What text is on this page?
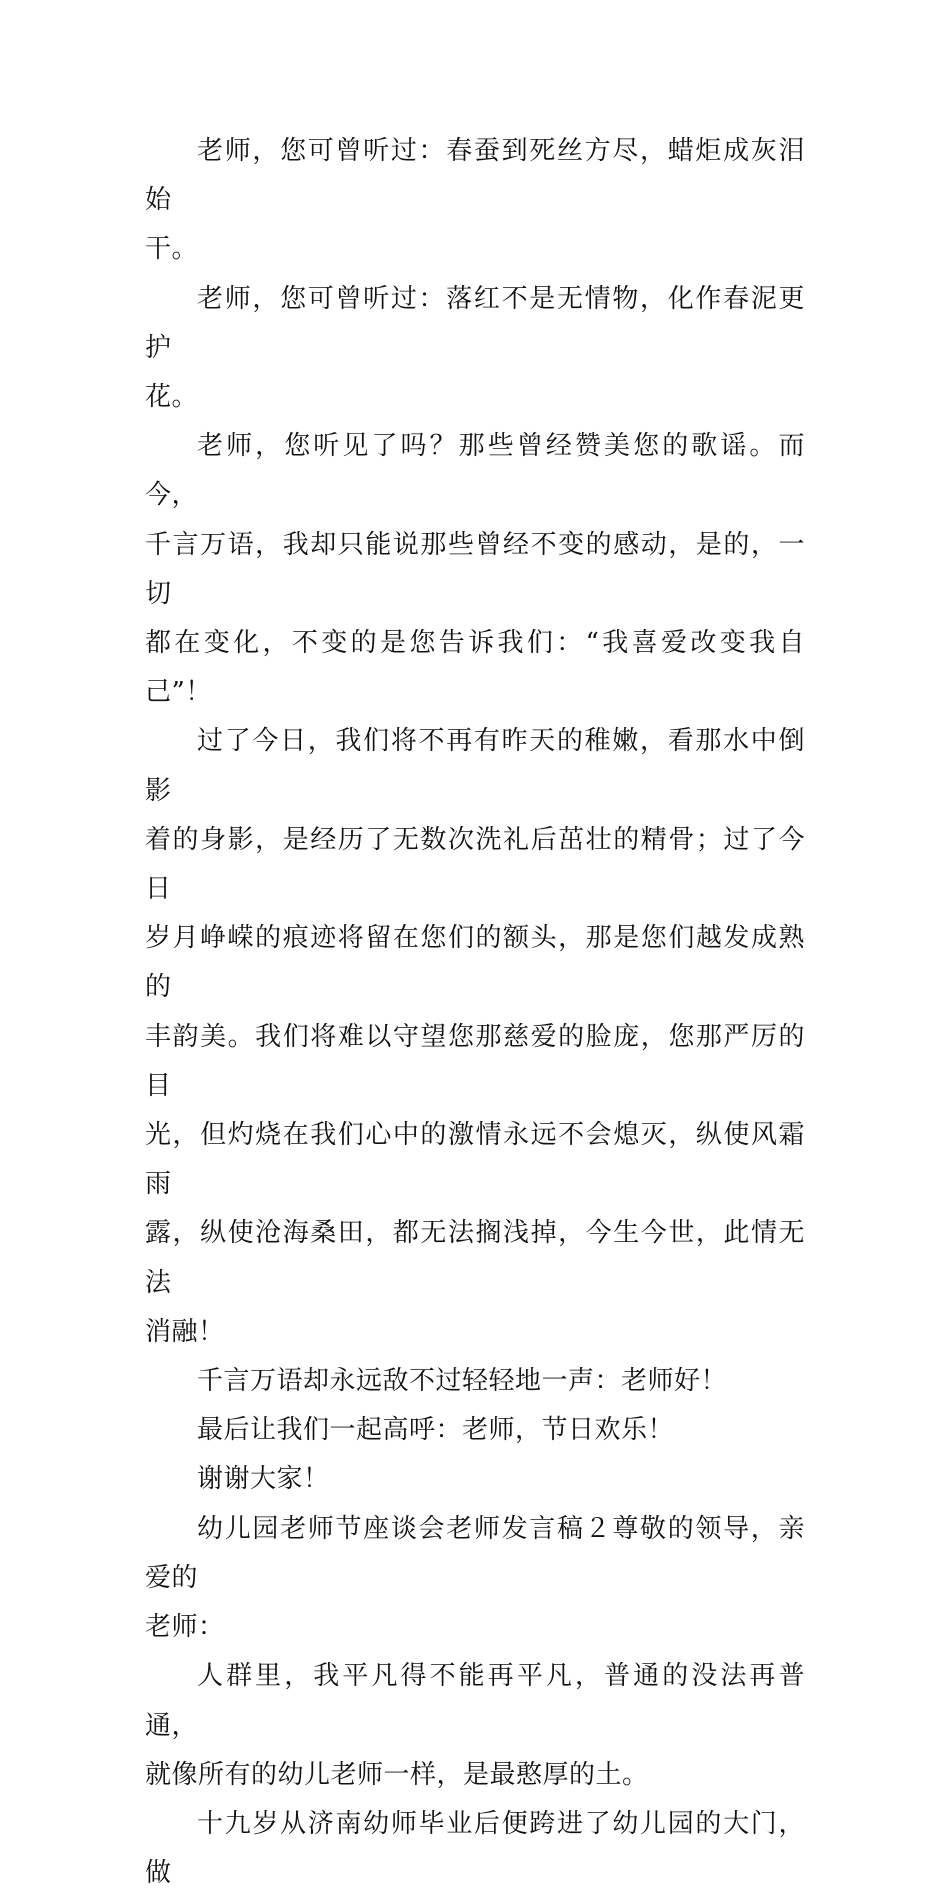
老师，您可曾听过：春蚕到死丝方尽，蜡炬成灰泪始
干。

老师，您可曾听过：落红不是无情物，化作春泥更护
花。

老师，您听见了吗？那些曾经赞美您的歌谣。而今，
千言万语，我却只能说那些曾经不变的感动，是的，一切
都在变化，不变的是您告诉我们：“我喜爱改变我自己”！

过了今日，我们将不再有昨天的稚嫩，看那水中倒影
着的身影，是经历了无数次洗礼后茁壮的精骨；过了今日
岁月峥嵘的痕迹将留在您们的额头，那是您们越发成熟的
丰韵美。我们将难以守望您那慈爱的脸庞，您那严厉的目
光，但灼烧在我们心中的激情永远不会熄灭，纵使风霜雨
露，纵使沧海桑田，都无法搁浅掉，今生今世，此情无法
消融！

千言万语却永远敌不过轻轻地一声：老师好！

最后让我们一起高呼：老师，节日欢乐！

谢谢大家！

幼儿园老师节座谈会老师发言稿２尊敬的领导，亲爱的
老师：

人群里，我平凡得不能再平凡，普通的没法再普通，
就像所有的幼儿老师一样，是最憨厚的土。

十九岁从济南幼师毕业后便跨进了幼儿园的大门，做
